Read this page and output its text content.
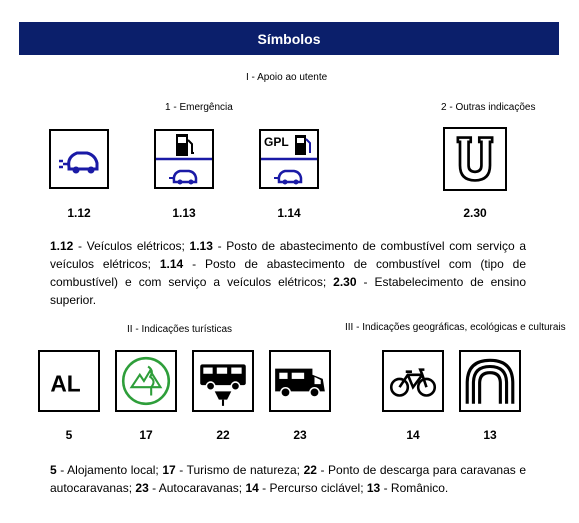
Símbolos
I - Apoio ao utente
1 - Emergência	2 - Outras indicações
1.12	1.13
GPL
1.14	2.30
1.12 - Veículos elétricos; 1.13 - Posto de abastecimento de combustível com serviço a veículos elétricos; 1.14 - Posto de abastecimento de combustível com (tipo de combustível) e com serviço a veículos elétricos; 2.30 - Estabelecimento de ensino superior.
II - Indicações turísticas	III - Indicações geográficas, ecológicas e culturais
AL
5	17	22	23	14	13
5 - Alojamento local; 17 - Turismo de natureza; 22 - Ponto de descarga para caravanas e autocaravanas; 23 - Autocaravanas; 14 - Percurso ciclável; 13 - Românico.
